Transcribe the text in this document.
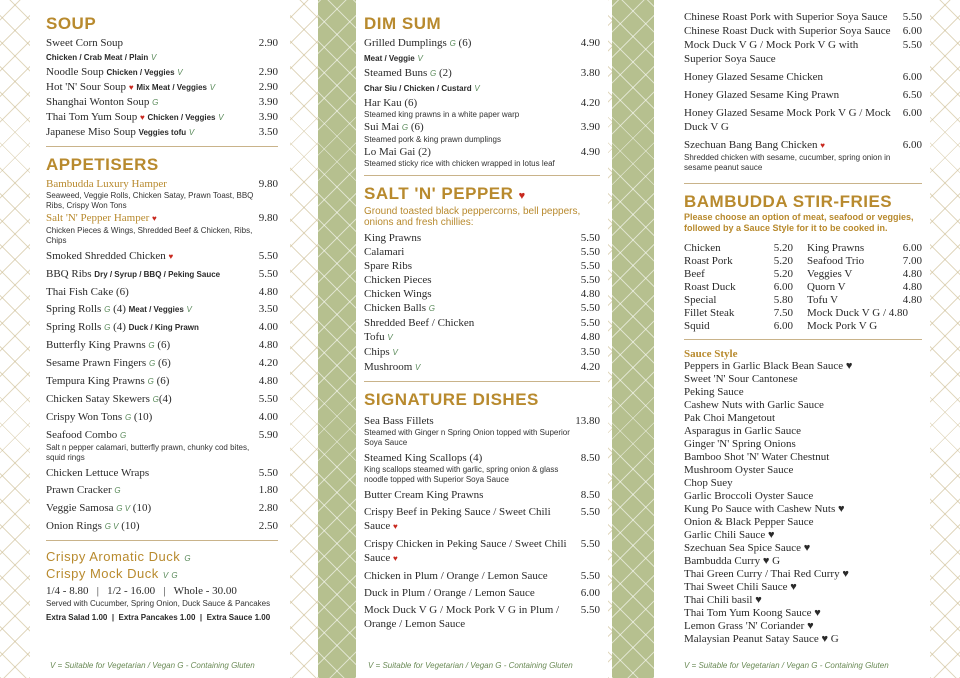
SOUP
Sweet Corn Soup
Chicken / Crab Meat / Plain V
2.90
Noodle Soup Chicken / Veggies V	2.90
Hot 'N' Sour Soup ♥ Mix Meat / Veggies V	2.90
Shanghai Wonton Soup G	3.90
Thai Tom Yum Soup ♥ Chicken / Veggies V	3.90
Japanese Miso Soup Veggies tofu V	3.50
APPETISERS
Bambudda Luxury Hamper
Seaweed, Veggie Rolls, Chicken Satay, Prawn Toast, BBQ Ribs, Crispy Won Tons
9.80
Salt 'N' Pepper Hamper ♥
Chicken Pieces & Wings, Shredded Beef & Chicken, Ribs, Chips
9.80
Smoked Shredded Chicken ♥	5.50
BBQ Ribs Dry / Syrup / BBQ / Peking Sauce	5.50
Thai Fish Cake (6)	4.80
Spring Rolls G (4) Meat / Veggies V	3.50
Spring Rolls G (4) Duck / King Prawn	4.00
Butterfly King Prawns G (6)	4.80
Sesame Prawn Fingers G (6)	4.20
Tempura King Prawns G (6)	4.80
Chicken Satay Skewers G(4)	5.50
Crispy Won Tons G (10)	4.00
Seafood Combo G
Salt n pepper calamari, butterfly prawn, chunky cod bites, squid rings
5.90
Chicken Lettuce Wraps	5.50
Prawn Cracker G	1.80
Veggie Samosa G V (10)	2.80
Onion Rings G V (10)	2.50
Crispy Aromatic Duck G
Crispy Mock Duck V G
1/4 - 8.80   |   1/2 - 16.00   |   Whole - 30.00
Served with Cucumber, Spring Onion, Duck Sauce & Pancakes
Extra Salad 1.00  |  Extra Pancakes 1.00  |  Extra Sauce 1.00
V = Suitable for Vegetarian / Vegan G - Containing Gluten
DIM SUM
Grilled Dumplings G (6)
Meat / Veggie V
4.90
Steamed Buns G (2)
Char Siu / Chicken / Custard V
3.80
Har Kau (6)
Steamed king prawns in a white paper warp
4.20
Sui Mai G (6)
Steamed pork & king prawn dumplings
3.90
Lo Mai Gai (2)
Steamed sticky rice with chicken wrapped in lotus leaf
4.90
SALT 'N' PEPPER ♥
Ground toasted black peppercorns, bell peppers, onions and fresh chillies:
King Prawns	5.50
Calamari	5.50
Spare Ribs	5.50
Chicken Pieces	5.50
Chicken Wings	4.80
Chicken Balls G	5.50
Shredded Beef / Chicken	5.50
Tofu V	4.80
Chips V	3.50
Mushroom V	4.20
SIGNATURE DISHES
Sea Bass Fillets
Steamed with Ginger n Spring Onion topped with Superior Soya Sauce
13.80
Steamed King Scallops (4)
King scallops steamed with garlic, spring onion & glass noodle topped with Superior Soya Sauce
8.50
Butter Cream King Prawns	8.50
Crispy Beef in Peking Sauce / Sweet Chili Sauce ♥
5.50
Crispy Chicken in Peking Sauce / Sweet Chili Sauce ♥
5.50
Chicken in Plum / Orange / Lemon Sauce	5.50
Duck in Plum / Orange / Lemon Sauce	6.00
Mock Duck V G / Mock Pork V G in Plum / Orange / Lemon Sauce
5.50
V = Suitable for Vegetarian / Vegan G - Containing Gluten
Chinese Roast Pork with Superior Soya Sauce	5.50
Chinese Roast Duck with Superior Soya Sauce	6.00
Mock Duck V G / Mock Pork V G with Superior Soya Sauce
5.50
Honey Glazed Sesame Chicken	6.00
Honey Glazed Sesame King Prawn	6.50
Honey Glazed Sesame Mock Pork V G / Mock Duck V G
6.00
Szechuan Bang Bang Chicken ♥
Shredded chicken with sesame, cucumber, spring onion in sesame peanut sauce
6.00
BAMBUDDA STIR-FRIES
Please choose an option of meat, seafood or veggies, followed by a Sauce Style for it to be cooked in.
Chicken	5.20
Roast Pork	5.20
Beef	5.20
Roast Duck	6.00
Special	5.80
Fillet Steak	7.50
Squid	6.00
King Prawns	6.00
Seafood Trio	7.00
Veggies V	4.80
Quorn V	4.80
Tofu V	4.80
Mock Duck V G / 4.80
Mock Pork V G
Sauce Style
Peppers in Garlic Black Bean Sauce ♥
Sweet 'N' Sour Cantonese
Peking Sauce
Cashew Nuts with Garlic Sauce
Pak Choi Mangetout
Asparagus in Garlic Sauce
Ginger 'N' Spring Onions
Bamboo Shot 'N' Water Chestnut
Mushroom Oyster Sauce
Chop Suey
Garlic Broccoli Oyster Sauce
Kung Po Sauce with Cashew Nuts ♥
Onion & Black Pepper Sauce
Garlic Chili Sauce ♥
Szechuan Sea Spice Sauce ♥
Bambudda Curry ♥ G
Thai Green Curry / Thai Red Curry ♥
Thai Sweet Chili Sauce ♥
Thai Chili basil ♥
Thai Tom Yum Koong Sauce ♥
Lemon Grass 'N' Coriander ♥
Malaysian Peanut Satay Sauce ♥ G
V = Suitable for Vegetarian / Vegan G - Containing Gluten
